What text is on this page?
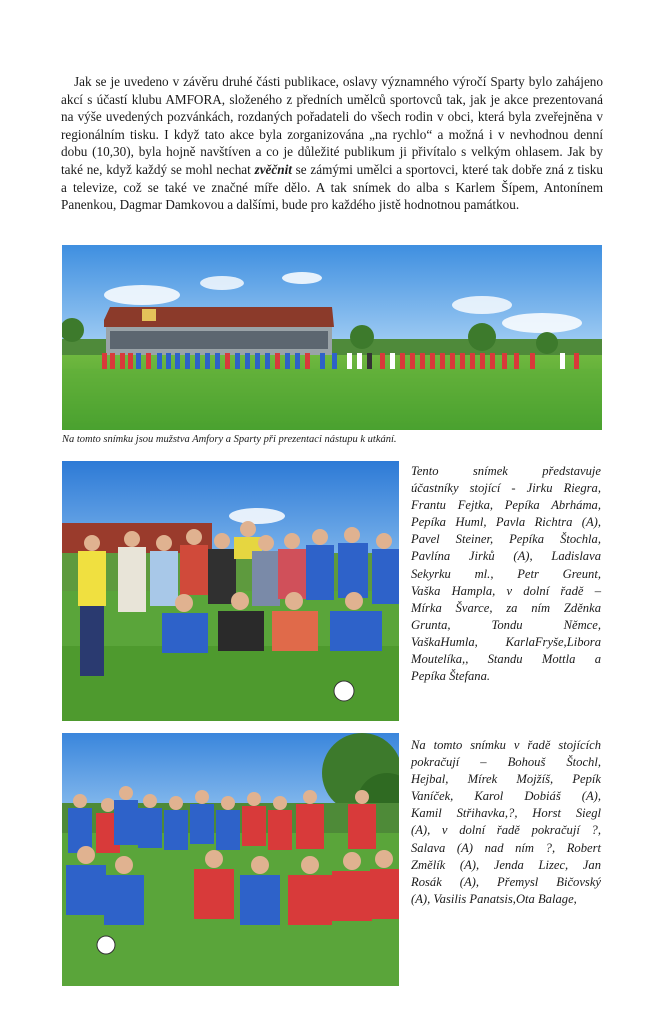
Jak se je uvedeno v závěru druhé části publikace, oslavy významného výročí Sparty bylo zahájeno akcí s účastí klubu AMFORA, složeného z předních umělců sportovců tak, jak je akce prezentovaná na výše uvedených pozvánkách, rozdaných pořadateli do všech rodin v obci, která byla zveřejněna v regionálním tisku. I když tato akce byla zorganizována „na rychlo“ a možná i v nevhodnou denní dobu (10,30), byla hojně navštíven a co je důležité publikum ji přivítalo s velkým ohlasem. Jak by také ne, když každý se mohl nechat zvěčnit se zámými umělci a sportovci, které tak dobře zná z tisku a televize, což se také ve značné míře dělo. A tak snímek do alba s Karlem Šípem, Antonínem Panenkou, Dagmar Damkovou a dalšími, bude pro každého jistě hodnotnou památkou.
Na tomto snímku jsou mužstva Amfory a Sparty při prezentaci nástupu k utkání.
Tento snímek představuje
účastníky stojící - Jirku Riegra,
Frantu Fejtka, Pepíka Abrháma,
Pepíka Huml, Pavla Richtra (A),
Pavel Steiner, Pepíka Štochla,
Pavlína Jirků (A), Ladislava
Sekyrku ml., Petr Greunt,
Vaška Hampla, v dolní řadě –
Mírka Švarce, za ním Zděnka
Grunta, Tondu Němce,
VaškaHumla, KarlaFryše,Libora
Moutelíka,, Standu Mottla a
Pepíka Štefana.
Na tomto snímku v řadě stojících
pokračují – Bohouš Štochl,
Hejbal, Mírek Mojžíš, Pepík
Vaníček, Karol Dobiáš (A),
Kamil Střihavka,?, Horst Siegl
(A), v dolní řadě pokračují ?,
Salava (A) nad ním ?, Robert
Změlík (A), Jenda Lizec, Jan
Rosák (A), Přemysl Bičovský
(A), Vasilis Panatsis,Ota Balage,
